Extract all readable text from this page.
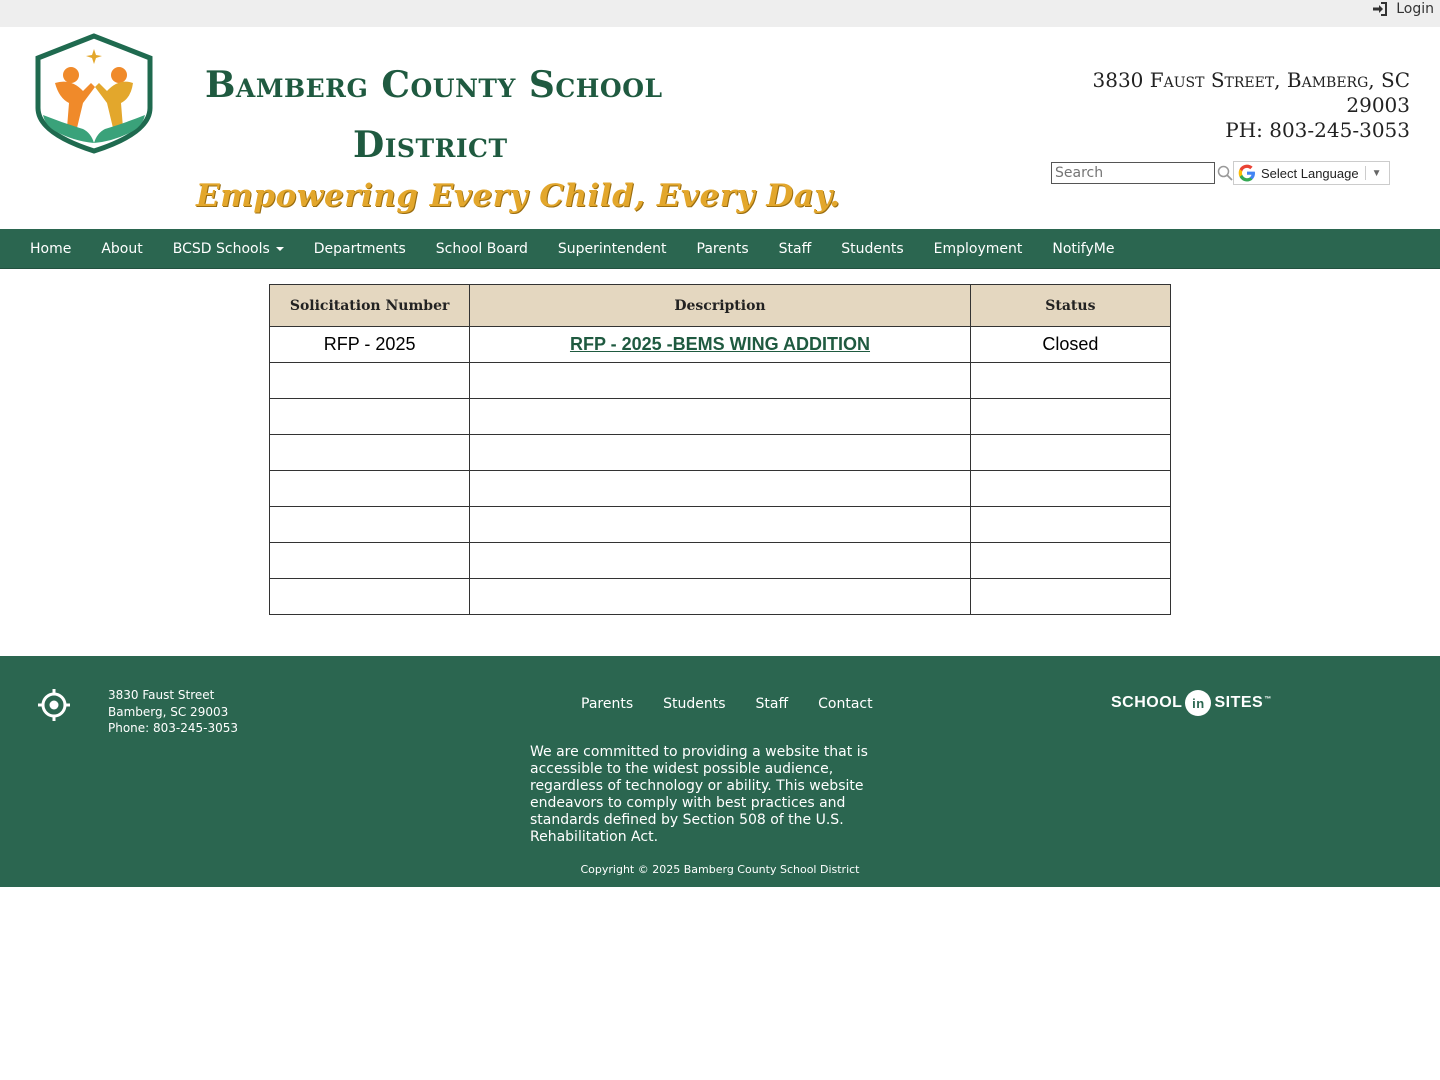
Login
Bamberg County School
District
Empowering Every Child, Every Day.
3830 Faust Street, Bamberg, SC 29003
PH: 803-245-3053
Search
Select Language ▼
Home	About	BCSD Schools	Departments	School Board	Superintendent	Parents	Staff	Students	Employment	NotifyMe
Solicitation Number	Description	Status
RFP - 2025	RFP - 2025 -BEMS WING ADDITION	Closed

3830 Faust Street
Bamberg, SC 29003
Phone: 803-245-3053
Parents	Students	Staff	Contact
We are committed to providing a website that is accessible to the widest possible audience, regardless of technology or ability. This website endeavors to comply with best practices and standards defined by Section 508 of the U.S. Rehabilitation Act.
SCHOOL in SITES ™
Copyright © 2025 Bamberg County School District
